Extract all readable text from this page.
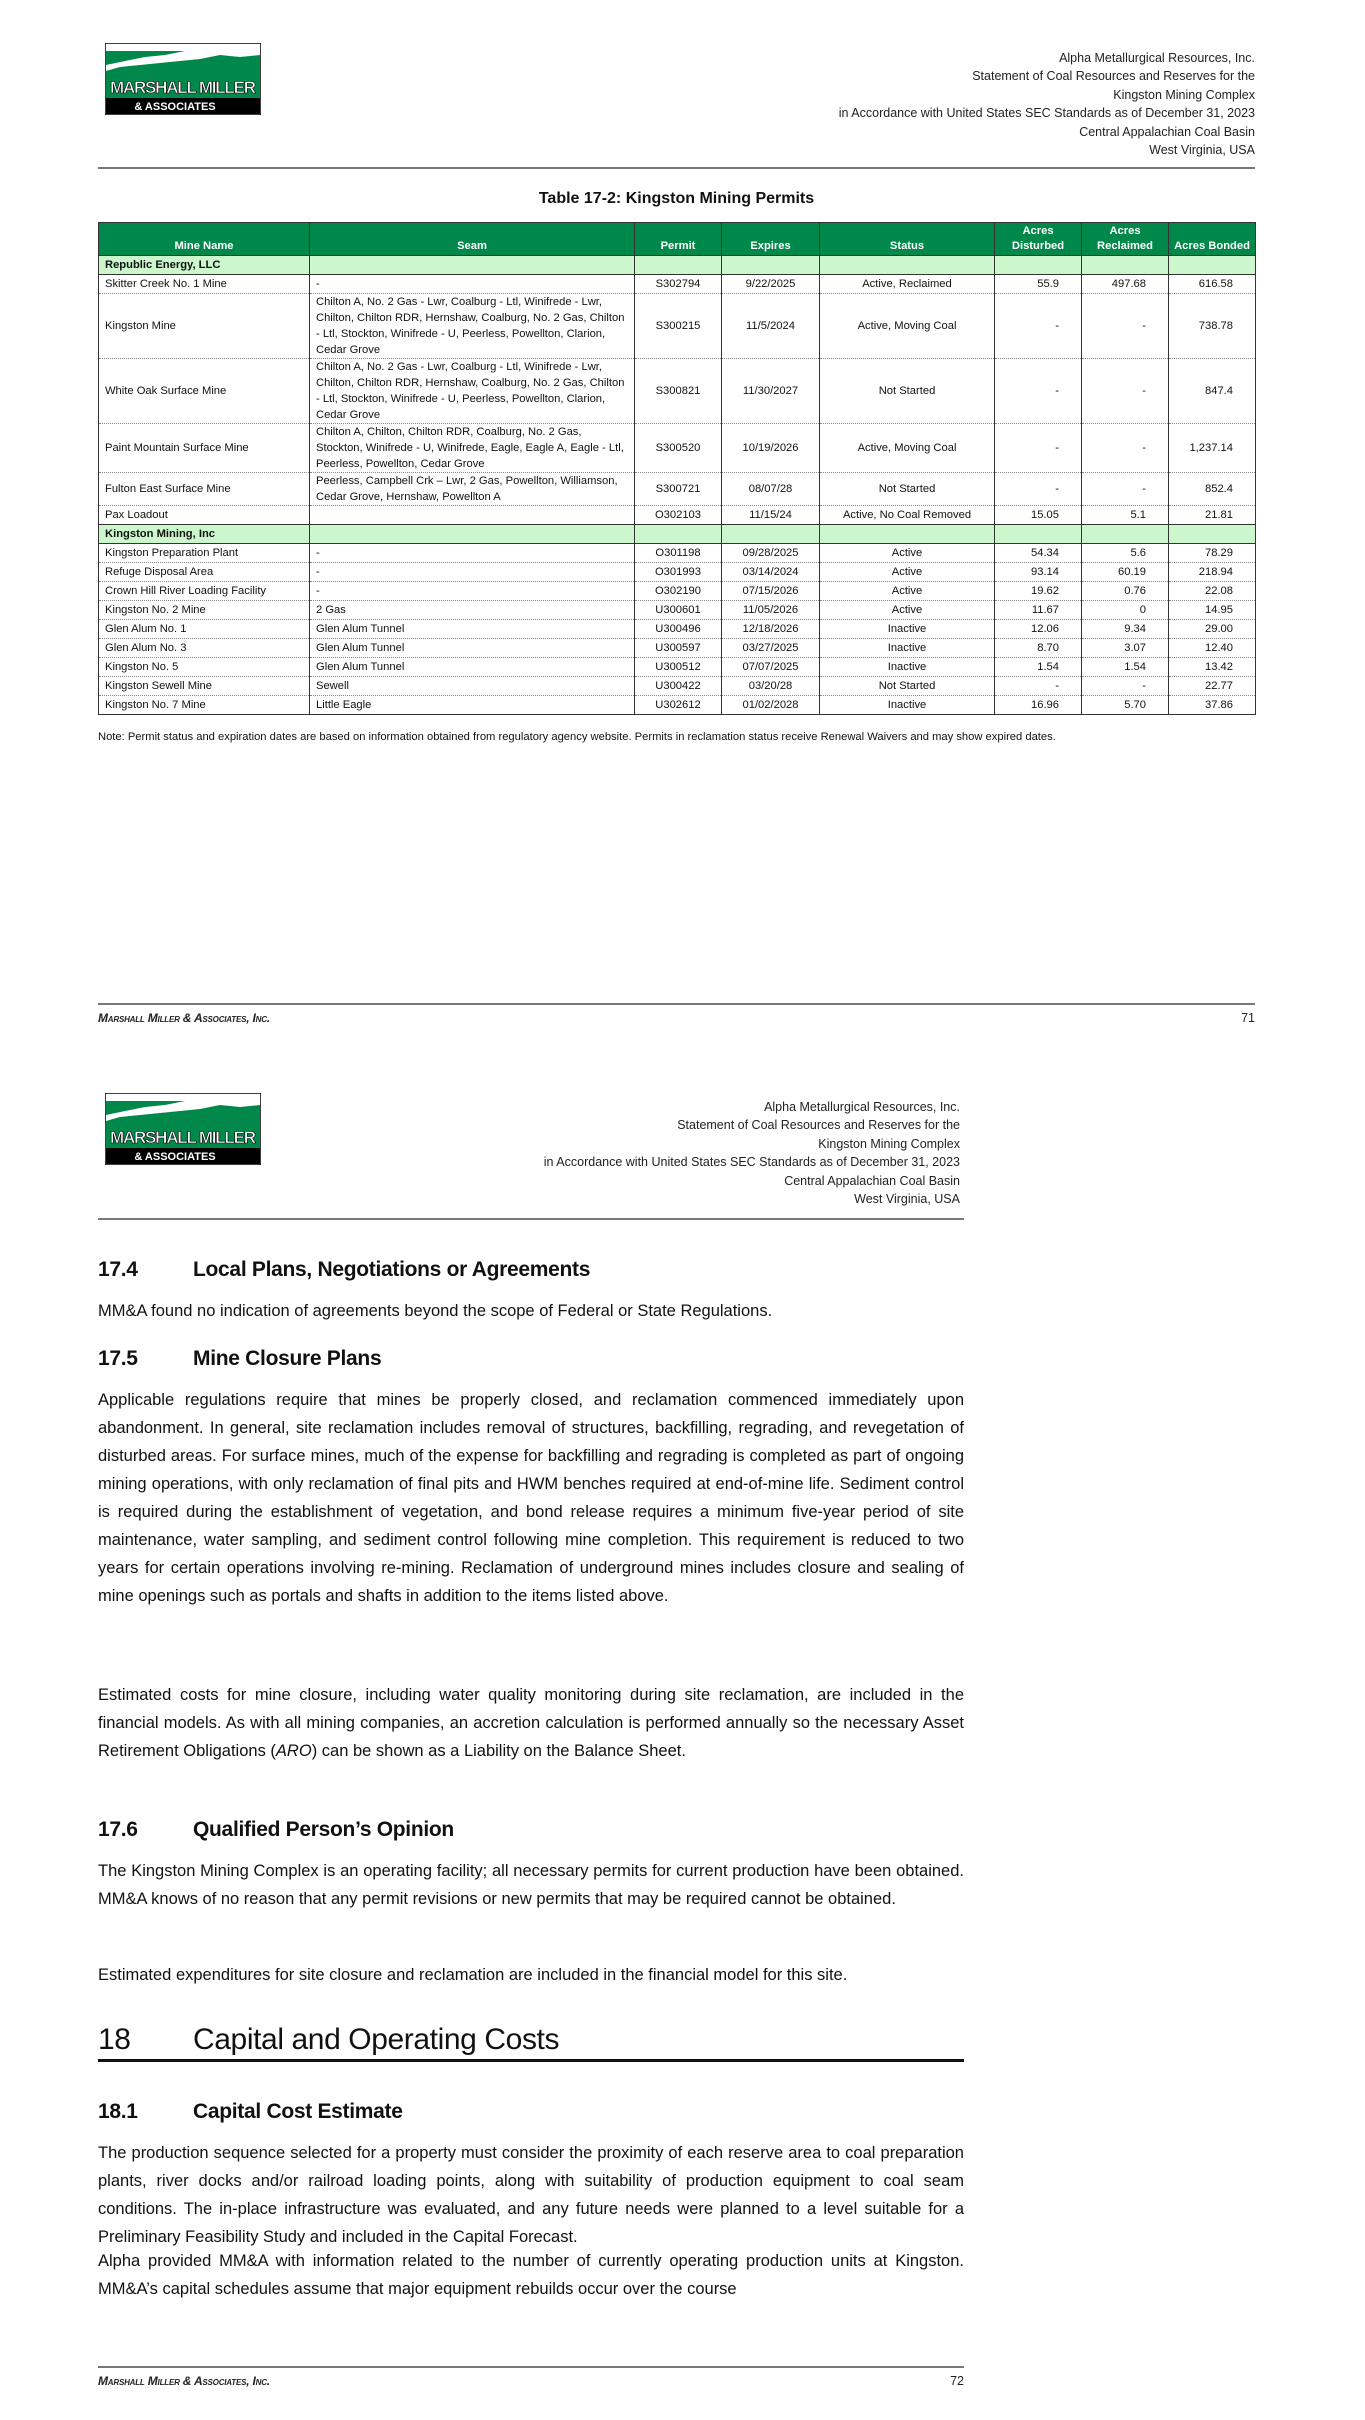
MARSHALL MILLER
& ASSOCIATES
Alpha Metallurgical Resources, Inc.
Statement of Coal Resources and Reserves for the
Kingston Mining Complex
in Accordance with United States SEC Standards as of December 31, 2023
Central Appalachian Coal Basin
West Virginia, USA
Table 17-2: Kingston Mining Permits
Mine Name	Seam	Permit	Expires	Status	Acres Disturbed	Acres Reclaimed	Acres Bonded
Republic Energy, LLC							
Skitter Creek No. 1 Mine	-	S302794	9/22/2025	Active, Reclaimed	55.9	497.68	616.58
Kingston Mine	Chilton A, No. 2 Gas - Lwr, Coalburg - Ltl, Winifrede - Lwr, Chilton, Chilton RDR, Hernshaw, Coalburg, No. 2 Gas, Chilton - Ltl, Stockton, Winifrede - U, Peerless, Powellton, Clarion, Cedar Grove	S300215	11/5/2024	Active, Moving Coal	-	-	738.78
White Oak Surface Mine	Chilton A, No. 2 Gas - Lwr, Coalburg - Ltl, Winifrede - Lwr, Chilton, Chilton RDR, Hernshaw, Coalburg, No. 2 Gas, Chilton - Ltl, Stockton, Winifrede - U, Peerless, Powellton, Clarion, Cedar Grove	S300821	11/30/2027	Not Started	-	-	847.4
Paint Mountain Surface Mine	Chilton A, Chilton, Chilton RDR, Coalburg, No. 2 Gas, Stockton, Winifrede - U, Winifrede, Eagle, Eagle A, Eagle - Ltl, Peerless, Powellton, Cedar Grove	S300520	10/19/2026	Active, Moving Coal	-	-	1,237.14
Fulton East Surface Mine	Peerless, Campbell Crk – Lwr, 2 Gas, Powellton, Williamson, Cedar Grove, Hernshaw, Powellton A	S300721	08/07/28	Not Started	-	-	852.4
Pax Loadout		O302103	11/15/24	Active, No Coal Removed	15.05	5.1	21.81
Kingston Mining, Inc							
Kingston Preparation Plant	-	O301198	09/28/2025	Active	54.34	5.6	78.29
Refuge Disposal Area	-	O301993	03/14/2024	Active	93.14	60.19	218.94
Crown Hill River Loading Facility	-	O302190	07/15/2026	Active	19.62	0.76	22.08
Kingston No. 2 Mine	2 Gas	U300601	11/05/2026	Active	11.67	0	14.95
Glen Alum No. 1	Glen Alum Tunnel	U300496	12/18/2026	Inactive	12.06	9.34	29.00
Glen Alum No. 3	Glen Alum Tunnel	U300597	03/27/2025	Inactive	8.70	3.07	12.40
Kingston No. 5	Glen Alum Tunnel	U300512	07/07/2025	Inactive	1.54	1.54	13.42
Kingston Sewell Mine	Sewell	U300422	03/20/28	Not Started	-	-	22.77
Kingston No. 7 Mine	Little Eagle	U302612	01/02/2028	Inactive	16.96	5.70	37.86
Note: Permit status and expiration dates are based on information obtained from regulatory agency website. Permits in reclamation status receive Renewal Waivers and may show expired dates.
Marshall Miller & Associates, Inc.	71
MARSHALL MILLER
& ASSOCIATES
Alpha Metallurgical Resources, Inc.
Statement of Coal Resources and Reserves for the
Kingston Mining Complex
in Accordance with United States SEC Standards as of December 31, 2023
Central Appalachian Coal Basin
West Virginia, USA
17.4	Local Plans, Negotiations or Agreements

MM&A found no indication of agreements beyond the scope of Federal or State Regulations.

17.5	Mine Closure Plans

Applicable regulations require that mines be properly closed, and reclamation commenced immediately upon abandonment. In general, site reclamation includes removal of structures, backfilling, regrading, and revegetation of disturbed areas. For surface mines, much of the expense for backfilling and regrading is completed as part of ongoing mining operations, with only reclamation of final pits and HWM benches required at end-of-mine life. Sediment control is required during the establishment of vegetation, and bond release requires a minimum five-year period of site maintenance, water sampling, and sediment control following mine completion. This requirement is reduced to two years for certain operations involving re-mining. Reclamation of underground mines includes closure and sealing of mine openings such as portals and shafts in addition to the items listed above.

Estimated costs for mine closure, including water quality monitoring during site reclamation, are included in the financial models. As with all mining companies, an accretion calculation is performed annually so the necessary Asset Retirement Obligations (ARO) can be shown as a Liability on the Balance Sheet.

17.6	Qualified Person’s Opinion

The Kingston Mining Complex is an operating facility; all necessary permits for current production have been obtained. MM&A knows of no reason that any permit revisions or new permits that may be required cannot be obtained.

Estimated expenditures for site closure and reclamation are included in the financial model for this site.

18 Capital and Operating Costs
18.1	Capital Cost Estimate

The production sequence selected for a property must consider the proximity of each reserve area to coal preparation plants, river docks and/or railroad loading points, along with suitability of production equipment to coal seam conditions. The in-place infrastructure was evaluated, and any future needs were planned to a level suitable for a Preliminary Feasibility Study and included in the Capital Forecast.

Alpha provided MM&A with information related to the number of currently operating production units at Kingston. MM&A’s capital schedules assume that major equipment rebuilds occur over the course

Marshall Miller & Associates, Inc.	72
